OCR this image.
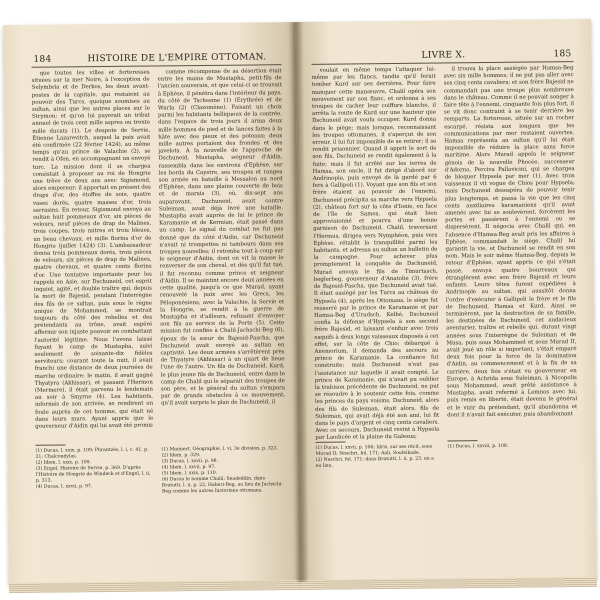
184	HISTOIRE DE L'EMPIRE OTTOMAN.

que toutes les villes et forteresses situées sur la mer Noire, à l'exception de Selymbria et de Derkos, les deux avant-postes de la capitale, qui restaient au pouvoir des Turcs, quoique soumises au sultan, ainsi que les autres places sur le Strymon; et qu'on lui payerait un tribut annuel de trois cent mille aspres ou trente mille ducats (1). Le despote de Servie, Étienne Lazarevitch, auquel la paix avait été confirmée (22 février 1424), au même temps qu'au prince de Valachie (2), se rendit à Ofen, en accompagnant un envoyé turc. La mission dont il se chargea consistait à proposer au roi de Hongrie une trêve de deux ans avec Sigismond, alors empereur; il apportait en présent des draps d'or, des étoffes de soie, quatre vases dorés, quatre masses d'or, trois sarrasins. En retour, Sigismond envoya au sultan huit pommeaux d'or, six pièces de velours, neuf pièces de drap de Malines, trois coupes, trois mitres et trois bleues, un beau chevaux, et mille florins d'or de Hongrie (juillet 1424) (3). L'ambassadeur donna trois pommeaux dorés, trois pièces de velours, six pièces de drap de Malines, quatre chevaux, et quatre cents florins d'or. Une tentative importante pour les rappels en Asie, sur Dschuneid, cet esprit inquiet, agité, et double traître qui, depuis la mort de Bajesid, pendant l'interrègne des fils de ce sultan, puis sous le règne unique de Mohammed, se montrait toujours du côté des rebelles et des prétendants au trône, avait espéré affermir son injuste pouvoir en combattant l'autorité légitime. Nous l'avons laissé fuyant le camp de Mustapha, suivi seulement de soixante-dix fidèles serviteurs; courant toute la nuit, il avait franchi une distance de deux journées de marche ordinaire; le matin, il avait gagné Thyatyra (Akhissar), et passant l'Hermon (Mermere), il était parvenu le lendemain au soir à Smyrne (4). Les habitants, informés de son arrivée, se rendirent en foule auprès de cet homme, qui était né dans leurs murs. Ayant appris que le gouverneur d'Aidin qui lui avait été promis

comme récompense de sa désertion était entre les mains de Mustapha, petit-fils de l'ancien souverain, et que celui-ci se trouvait à Ephèse, il pénétra dans l'intérieur du pays, du côté de Tschesme (1) (Erythrée) et de Wurla (2) (Clazomène). Faisant un choix parmi les habitants belliqueux de la contrée, dans l'espace de trois jours il arma deux mille hommes de pied et de lances faites à la hâte avec des pieux et des poteaux; deux mille autres portaient des frondes et des javelots. À la nouvelle de l'approche de Dschuneid, Mustapha, seigneur d'Aidin, rassembla dans les environs d'Ephèse, sur les bords du Caystre, ses troupes et rangea son armée en bataille à Messalon au nord d'Ephèse, dans une plaine couverte de bois et de marais (3), où, dix-sept ans auparavant, Dschuneid, avait contre Suleiman, avait déjà livré une bataille. Mustapha avait auprès de lui le prince de Karamanie et de Kermian, était passé dans un camp. Le signal du combat ne fut pas donné que du côté d'Aidin, car Dschuneid n'avait ni trompettes ni tambours dans ses troupes nouvelles; il retomba tout à coup sur le seigneur d'Aidin, dont on vit la masse le renverser de son cheval, et dès qu'il fut tué, il fut reconnu comme prince et seigneur d'Aidin. Il se maintint encore deux années en cette qualité, jusqu'à ce que Murad, ayant renouvelé la paix avec les Grecs, les Péloponésiens, avec la Valachie, la Servie et la Hongrie, se rendit à la guerre de Mustapha et d'ailleurs, refusant d'envoyer son fils au service de la Porte (5). Cette mission fut confiée à Chalil-Jachschi-Beg (6), époux de la sœur de Bajesid-Pascha, que Dschuneid avait envoyé au sultan en captivité. Les deux armées s'arrêtèrent près de Thyatyre (Akhissar) à un quart de lieue l'une de l'autre. Un fils de Dschuneid, Kurd, le plus jeune fils de Dschuneid, entre dans le camp de Chalil qui le séparait des troupes de son père, et le général du sultan s'empara par de grands obstacles à ce mouvement, qu'il avait surpris le plan de Dschuneid, il

(1) Ducas, l. xxix, p. 109; Phrantzès, l. i, c. 41, p. 21; Chalcondylas.
(2) Idem, l. xxix, p. 109.
(3) Engel, Histoire de Servie, p. 369. D'après l'Histoire de Hongrie de Windeck et d'Engel, l. ii, p. 313.
(4) Ducas, l. xxvii, p. 97.
(1) Mannert, Géographie, l. vi, 3e division, p. 322.
(2) Idem, p. 329.
(3) Ducas, l. xxvii, p. 98.
(4) Idem, l. xxvii, p. 97.
(5) Idem, l. xxix, p. 110.
(6) Ducas le nomme Chalil; Seadeddin, dans Bratutti, l. ii, p. 22, Haberi-Beg, au lieu de Jachschi-Beg comme les autres historiens ottomans.
LIVRE X.	185

voulait en même temps l'attaquer lui-même par les flancs, tandis qu'il ferait tomber Kurd sur ses derrières. Pour faire manquer cette manœuvre, Chalil opéra son mouvement sur son flanc, et ordonna à ses troupes de cacher leur coiffure blanche, il arrêta la route de Kurd sur une hauteur que Dschuneid avait voulu occuper. Kurd donna dans le piège; mais lorsque, reconnaissant les troupes ottomanes, il s'aperçut de son erreur, il lui fut impossible de se retirer; il se rendit prisonnier. Quand il apprit le sort de son fils, Dschuneid se rendit également à la fuite; mais il fut arrêté sur les terres de Hamsa, son oncle, il fut dirigé d'abord sur Andrinople, puis envoyé de là gardé par 6 fers à Gallipoli (1). Voyant que son fils et son frère étaient au pouvoir de l'ennemi, Dschuneid précipita sa marche vers Hypsela (2), château fort sur la côte d'Ionie, en face de l'île de Samos, qui était bien approvisionné et pourvu d'une bonne garnison de Dschuneid. Chalil, traversant l'Hermus, dirigea vers Nymphéon, puis vers Ephèse, rétablit la tranquillité parmi les habitants, et adressa au sultan un bulletin de la campagne. Pour achever plus promptement la conquête de Dschuneid, Murad envoya le fils de Timurtasch, beglerbeg, gouverneur d'Anatolie (3), frère de Bajesid-Pascha, que Dschuneid avait tué. Il était assiégé par les Turcs au château de Hypsela (4), après les Ottomans, le siège fut resserré par le prince de Karamanie et par Hamsa-Beg d'Urudsch. Kelbé, Dschuneid confia la défense d'Hypsela à son second frère Bajesid, et laissant s'enfuir avec trois esquifs à deux longs vaisseaux disposés à cet effet, sur la côte de Chio; débarqué à Anemorium, il demanda des secours au prince de Karamanie. La confiance fut construite; mais Dschuneid n'eut pas l'assistance sur laquelle il avait compté. Le prince de Karamanie, qui n'avait pu oublier la trahison précédente de Dschuneid, ne put se résoudre à le soutenir cette fois, comme les princes du pays voisins. Dschuneid, alors des fils de Suleiman, était alors, fils de Suleiman, qui avait déjà été son ami, lui fit dans le pays d'argent et cinq cents cavaliers. Avec ce secours, Dschuneid revint à Hypsela par Laodicée et la plaine du Galesus;

il trouva la place assiégée par Hamsa-Beg avec six mille hommes; il ne put pas aller avec ses cinq cents cavaliers; et son frère Bajesid ne commandait pas une troupe plus nombreuse dans le château. Comme il ne pouvait songer à faire tête à l'ennemi, cinquante fois plus fort, il se vit donc contraint à se tenir derrière les remparts. La forteresse, située sur un rocher escarpé, résista aux longues que les communications par mer restaient ouvertes. Hamsa représenta au sultan qu'il lui était impossible de réduire la place sans force maritime. Alors Murad appela le seigneur génois de la nouvelle Phocée, successeur d'Adorno, Perciva Pallavicini, qui se chargea de bloquer Hypsela par mer (1). Avec trois vaisseaux il vit vogue de Chios pour Hypsela; mais Dschuneid desespéra de pouvoir tenir plus longtemps, et passa la vie que les cinq cents auxiliaires karamaniens qu'il avait amenés avec lui se soulevèrent, forcèrent les portes et passèrent à l'ennemi ou se dispersèrent. Il négocia avec Chalil qui, en l'absence d'Hamsa-Beg avait pris les affaires à Ephèse, commandait le siège. Chalil lui garantit la vie, et Dschuneid se rendit en son nom. Mais le soir même Hamsa-Beg, depuis le retour d'Ephèse, ayant appris ce qui s'était passé, envoya quatre bourreaux qui étranglèrent avec son frère Bajesid et leurs enfants. Leurs têtes furent expédiées à Andrinople au sultan, qui aussitôt donna l'ordre d'exécuter à Gallipoli le frère et le fils de Dschuneid, Hamsa et Kurd. Ainsi se terminèrent, par la destruction de sa famille, les destinées de Dschuneid, cet audacieux aventurier, traître et rebelle qui, durant vingt années sous l'interrègne de Suleiman et de Musa, puis sous Mohammed et sous Murad II, avait joué un rôle si important, s'était emparé deux fois pour la force de la domination d'Aidin, au commencement et à la fin de sa carrière, deux fois s'était vu gouverneur en Europe, à Achrida sous Suleiman, à Nicopolis sous Mohammed, avait prêté assistance à Mustapha, avait refermé à Lemnos avec lui, puis remis en liberté, était devenu le général et le vizir du prétendant, qu'il abandonna et dont il n'avait fait exécuter, puis abandonnant

(1) Ducas, l. xxvii, p. 106; Idris, sur ses récit, sous Murad II; Neschri, fol. 171; Aali, Souleikade.
(2) Neschri, fol. 171; dans Bratutti, l. ii, p. 23, en a eu lieu.
(1) Ducas, l. xxviii, p. 108.
